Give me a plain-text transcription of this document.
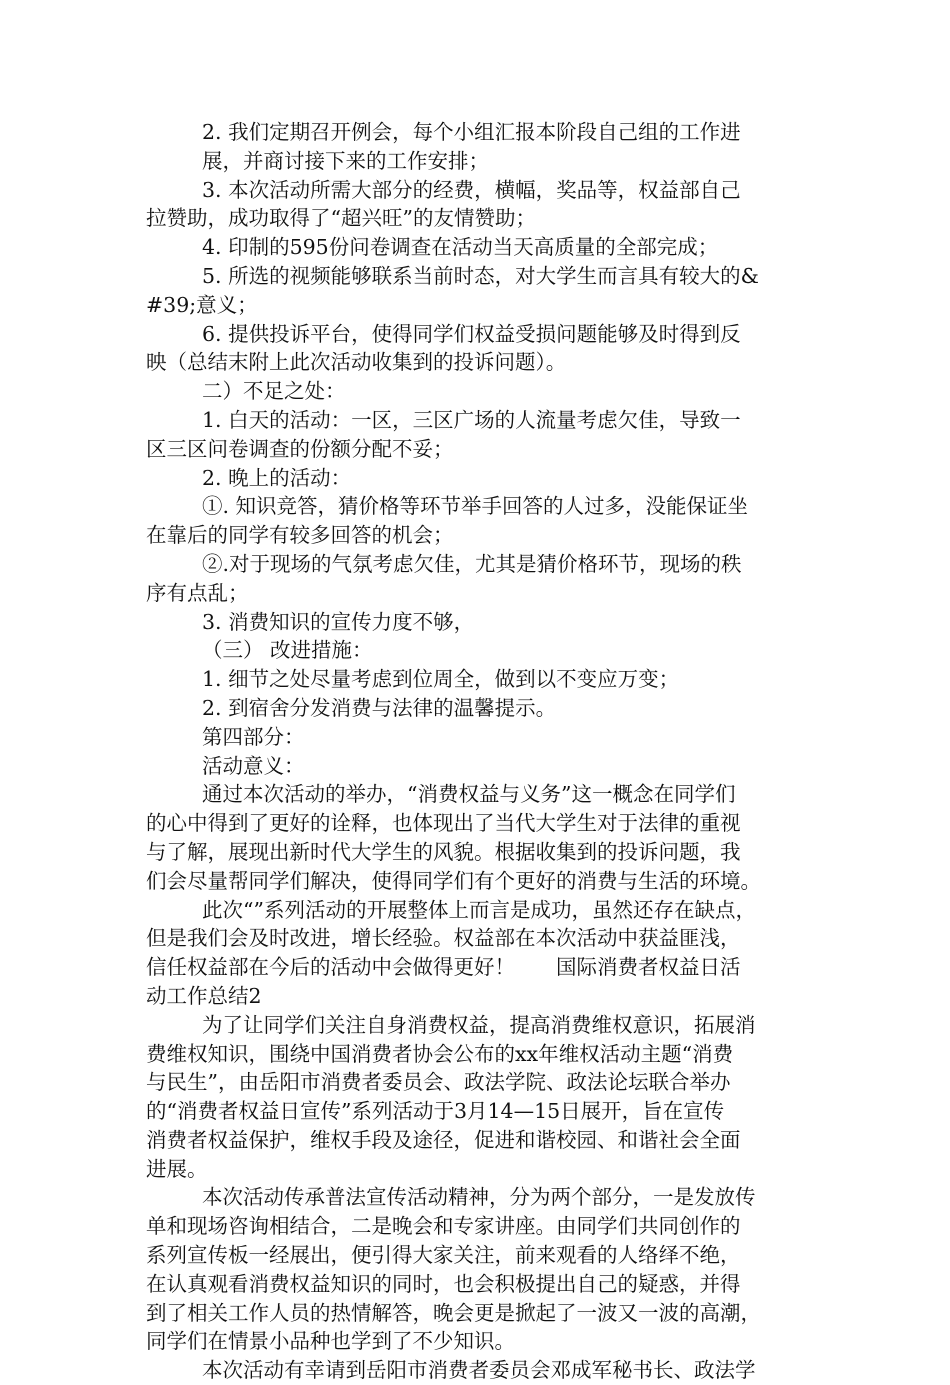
2. 我们定期召开例会，每个小组汇报本阶段自己组的工作进
展，并商讨接下来的工作安排；
3. 本次活动所需大部分的经费，横幅，奖品等，权益部自己
拉赞助，成功取得了“超兴旺”的友情赞助；
4. 印制的595份问卷调查在活动当天高质量的全部完成；
5. 所选的视频能够联系当前时态，对大学生而言具有较大的&
#39;意义；
6. 提供投诉平台，使得同学们权益受损问题能够及时得到反
映（总结末附上此次活动收集到的投诉问题）。
二）不足之处：
1. 白天的活动：一区，三区广场的人流量考虑欠佳，导致一
区三区问卷调查的份额分配不妥；
2. 晚上的活动：
①. 知识竞答，猜价格等环节举手回答的人过多，没能保证坐
在靠后的同学有较多回答的机会；
②.对于现场的气氛考虑欠佳，尤其是猜价格环节，现场的秩
序有点乱；
3. 消费知识的宣传力度不够，
（三） 改进措施：
1. 细节之处尽量考虑到位周全，做到以不变应万变；
2. 到宿舍分发消费与法律的温馨提示。
第四部分：
活动意义：
通过本次活动的举办，“消费权益与义务”这一概念在同学们
的心中得到了更好的诠释，也体现出了当代大学生对于法律的重视
与了解，展现出新时代大学生的风貌。根据收集到的投诉问题，我
们会尽量帮同学们解决，使得同学们有个更好的消费与生活的环境。
此次“”系列活动的开展整体上而言是成功，虽然还存在缺点，
但是我们会及时改进，增长经验。权益部在本次活动中获益匪浅，
信任权益部在今后的活动中会做得更好！　　国际消费者权益日活
动工作总结2
为了让同学们关注自身消费权益，提高消费维权意识，拓展消
费维权知识，围绕中国消费者协会公布的xx年维权活动主题“消费
与民生”，由岳阳市消费者委员会、政法学院、政法论坛联合举办
的“消费者权益日宣传”系列活动于3月14—15日展开，旨在宣传
消费者权益保护，维权手段及途径，促进和谐校园、和谐社会全面
进展。
本次活动传承普法宣传活动精神，分为两个部分，一是发放传
单和现场咨询相结合，二是晚会和专家讲座。由同学们共同创作的
系列宣传板一经展出，便引得大家关注，前来观看的人络绎不绝，
在认真观看消费权益知识的同时，也会积极提出自己的疑惑，并得
到了相关工作人员的热情解答，晚会更是掀起了一波又一波的高潮，
同学们在情景小品种也学到了不少知识。
本次活动有幸请到岳阳市消费者委员会邓成军秘书长、政法学
